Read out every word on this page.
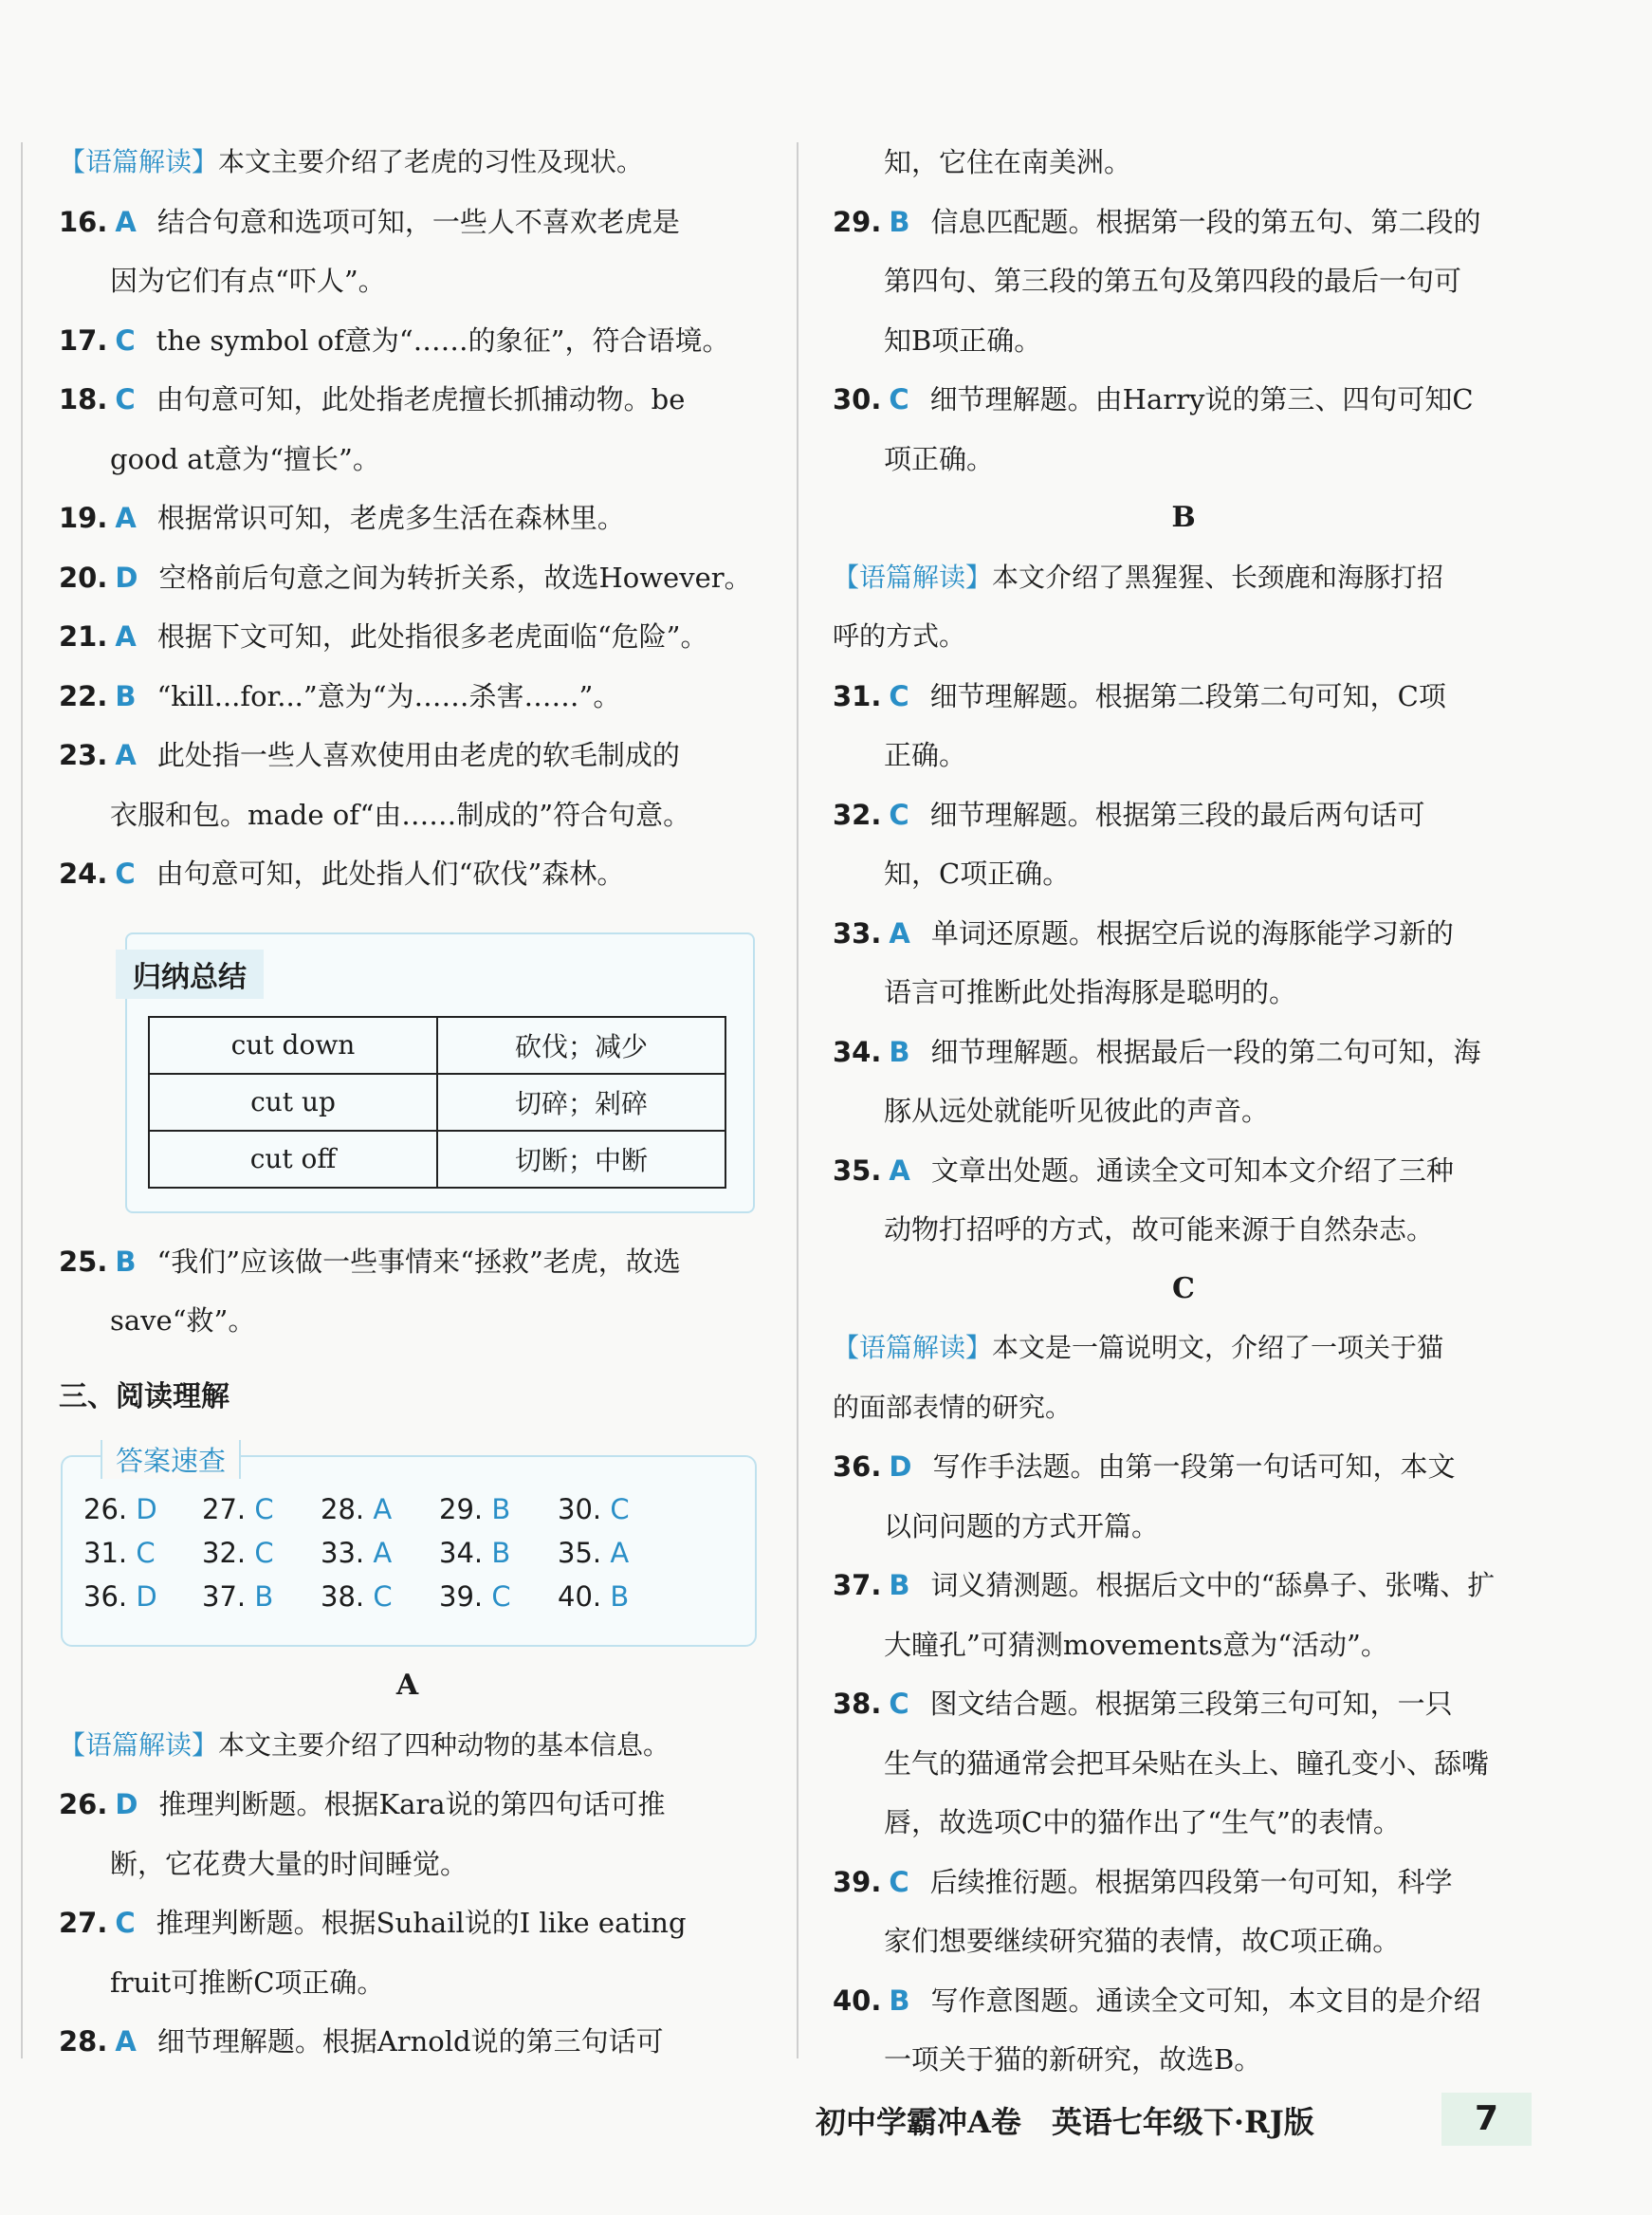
【语篇解读】本文主要介绍了老虎的习性及现状。
16. A 结合句意和选项可知，一些人不喜欢老虎是
因为它们有点“吓人”。
17. C the symbol of意为“……的象征”，符合语境。
18. C 由句意可知，此处指老虎擅长抓捕动物。be
good at意为“擅长”。
19. A 根据常识可知，老虎多生活在森林里。
20. D 空格前后句意之间为转折关系，故选However。
21. A 根据下文可知，此处指很多老虎面临“危险”。
22. B “kill...for...”意为“为……杀害……”。
23. A 此处指一些人喜欢使用由老虎的软毛制成的
衣服和包。made of“由……制成的”符合句意。
24. C 由句意可知，此处指人们“砍伐”森林。
归纳总结
cut down	砍伐；减少
cut up	切碎；剁碎
cut off	切断；中断
25. B “我们”应该做一些事情来“拯救”老虎，故选
save“救”。
三、阅读理解
答案速查
26. D	27. C	28. A	29. B	30. C
31. C	32. C	33. A	34. B	35. A
36. D	37. B	38. C	39. C	40. B
A
【语篇解读】本文主要介绍了四种动物的基本信息。
26. D 推理判断题。根据Kara说的第四句话可推
断，它花费大量的时间睡觉。
27. C 推理判断题。根据Suhail说的I like eating
fruit可推断C项正确。
28. A 细节理解题。根据Arnold说的第三句话可
知，它住在南美洲。
29. B 信息匹配题。根据第一段的第五句、第二段的
第四句、第三段的第五句及第四段的最后一句可
知B项正确。
30. C 细节理解题。由Harry说的第三、四句可知C
项正确。
B
【语篇解读】本文介绍了黑猩猩、长颈鹿和海豚打招
呼的方式。
31. C 细节理解题。根据第二段第二句可知，C项
正确。
32. C 细节理解题。根据第三段的最后两句话可
知，C项正确。
33. A 单词还原题。根据空后说的海豚能学习新的
语言可推断此处指海豚是聪明的。
34. B 细节理解题。根据最后一段的第二句可知，海
豚从远处就能听见彼此的声音。
35. A 文章出处题。通读全文可知本文介绍了三种
动物打招呼的方式，故可能来源于自然杂志。
C
【语篇解读】本文是一篇说明文，介绍了一项关于猫
的面部表情的研究。
36. D 写作手法题。由第一段第一句话可知，本文
以问问题的方式开篇。
37. B 词义猜测题。根据后文中的“舔鼻子、张嘴、扩
大瞳孔”可猜测movements意为“活动”。
38. C 图文结合题。根据第三段第三句可知，一只
生气的猫通常会把耳朵贴在头上、瞳孔变小、舔嘴
唇，故选项C中的猫作出了“生气”的表情。
39. C 后续推衍题。根据第四段第一句可知，科学
家们想要继续研究猫的表情，故C项正确。
40. B 写作意图题。通读全文可知，本文目的是介绍
一项关于猫的新研究，故选B。
初中学霸冲A卷　英语七年级下·RJ版	7
